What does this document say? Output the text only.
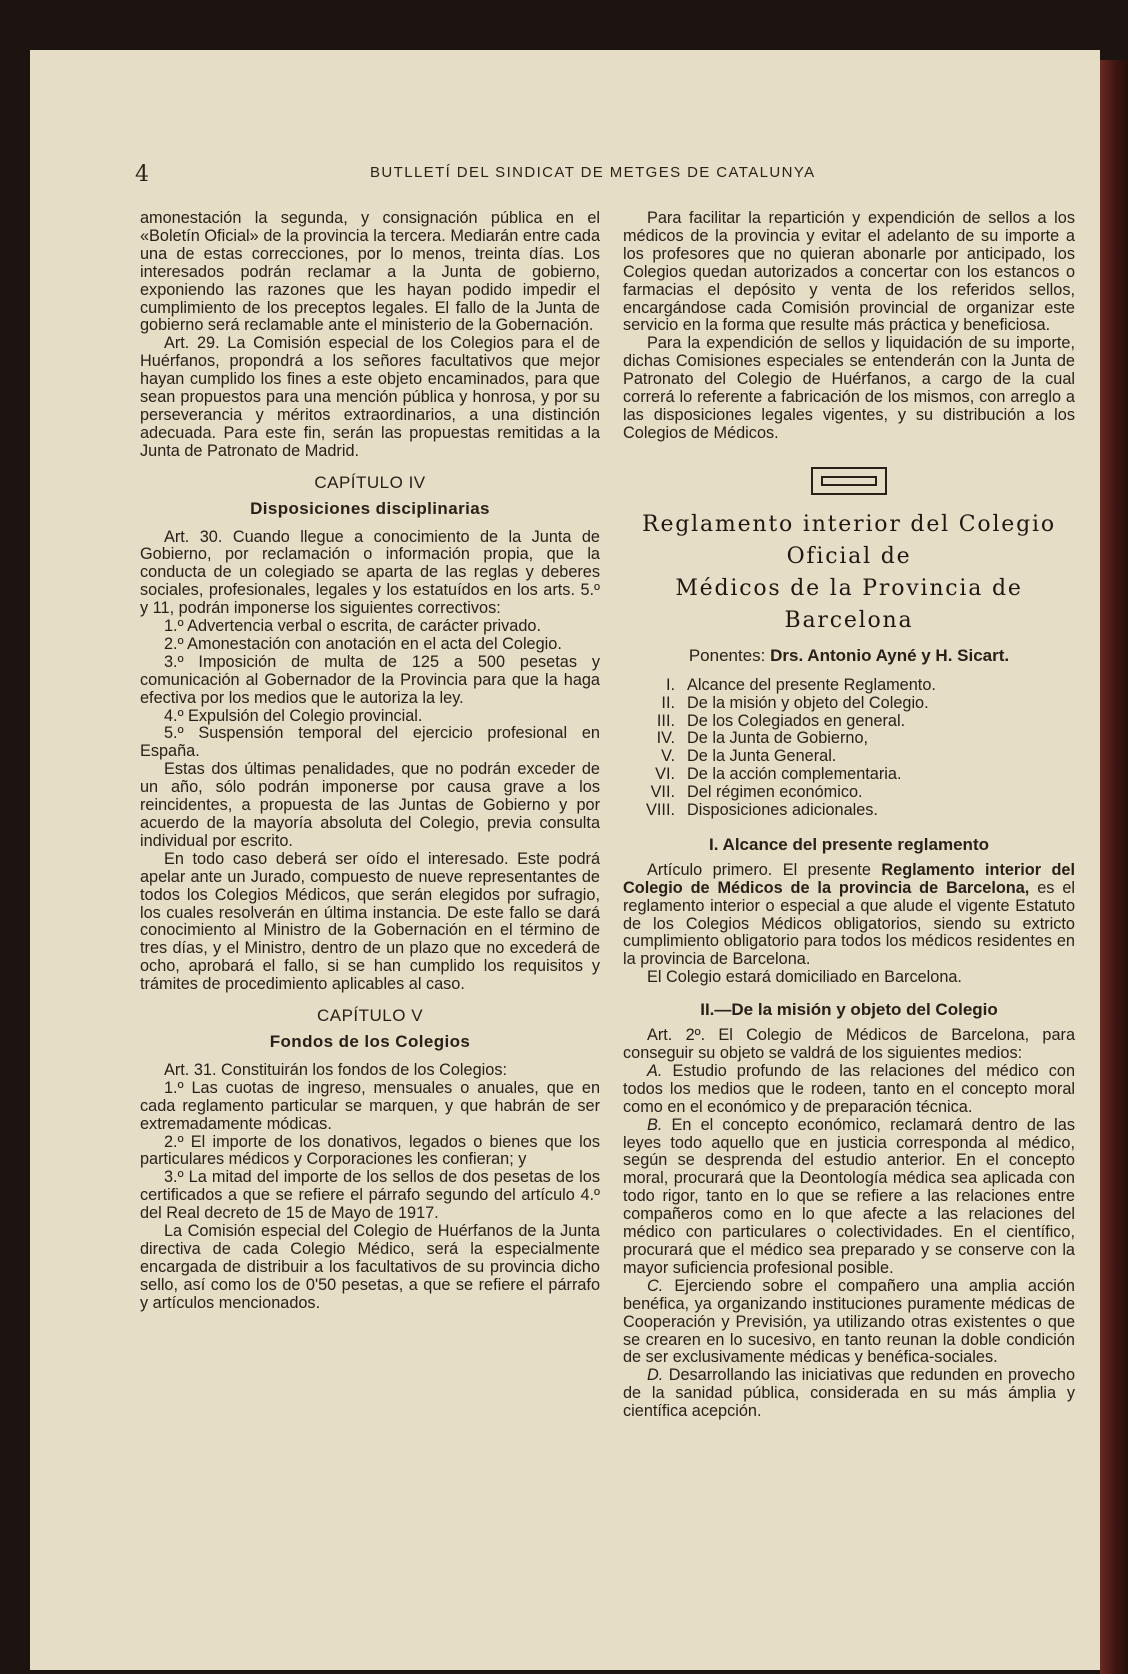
4	BUTLLETÍ DEL SINDICAT DE METGES DE CATALUNYA

amonestación la segunda, y consignación pública en el «Boletín Oficial» de la provincia la tercera. Mediarán entre cada una de estas correcciones, por lo menos, treinta días. Los interesados podrán reclamar a la Junta de gobierno, exponiendo las razones que les hayan podido impedir el cumplimiento de los preceptos legales. El fallo de la Junta de gobierno será reclamable ante el ministerio de la Gobernación.

Art. 29. La Comisión especial de los Colegios para el de Huérfanos, propondrá a los señores facultativos que mejor hayan cumplido los fines a este objeto encaminados, para que sean propuestos para una mención pública y honrosa, y por su perseverancia y méritos extraordinarios, a una distinción adecuada. Para este fin, serán las propuestas remitidas a la Junta de Patronato de Madrid.

CAPÍTULO IV

Disposiciones disciplinarias

Art. 30. Cuando llegue a conocimiento de la Junta de Gobierno, por reclamación o información propia, que la conducta de un colegiado se aparta de las reglas y deberes sociales, profesionales, legales y los estatuídos en los arts. 5.º y 11, podrán imponerse los siguientes correctivos:

1.º Advertencia verbal o escrita, de carácter privado.

2.º Amonestación con anotación en el acta del Colegio.

3.º Imposición de multa de 125 a 500 pesetas y comunicación al Gobernador de la Provincia para que la haga efectiva por los medios que le autoriza la ley.

4.º Expulsión del Colegio provincial.

5.º Suspensión temporal del ejercicio profesional en España.

Estas dos últimas penalidades, que no podrán exceder de un año, sólo podrán imponerse por causa grave a los reincidentes, a propuesta de las Juntas de Gobierno y por acuerdo de la mayoría absoluta del Colegio, previa consulta individual por escrito.

En todo caso deberá ser oído el interesado. Este podrá apelar ante un Jurado, compuesto de nueve representantes de todos los Colegios Médicos, que serán elegidos por sufragio, los cuales resolverán en última instancia. De este fallo se dará conocimiento al Ministro de la Gobernación en el término de tres días, y el Ministro, dentro de un plazo que no excederá de ocho, aprobará el fallo, si se han cumplido los requisitos y trámites de procedimiento aplicables al caso.

CAPÍTULO V

Fondos de los Colegios

Art. 31. Constituirán los fondos de los Colegios:

1.º Las cuotas de ingreso, mensuales o anuales, que en cada reglamento particular se marquen, y que habrán de ser extremadamente módicas.

2.º El importe de los donativos, legados o bienes que los particulares médicos y Corporaciones les confieran; y

3.º La mitad del importe de los sellos de dos pesetas de los certificados a que se refiere el párrafo segundo del artículo 4.º del Real decreto de 15 de Mayo de 1917.

La Comisión especial del Colegio de Huérfanos de la Junta directiva de cada Colegio Médico, será la especialmente encargada de distribuir a los facultativos de su provincia dicho sello, así como los de 0'50 pesetas, a que se refiere el párrafo y artículos mencionados.

Para facilitar la repartición y expendición de sellos a los médicos de la provincia y evitar el adelanto de su importe a los profesores que no quieran abonarle por anticipado, los Colegios quedan autorizados a concertar con los estancos o farmacias el depósito y venta de los referidos sellos, encargándose cada Comisión provincial de organizar este servicio en la forma que resulte más práctica y beneficiosa.

Para la expendición de sellos y liquidación de su importe, dichas Comisiones especiales se entenderán con la Junta de Patronato del Colegio de Huérfanos, a cargo de la cual correrá lo referente a fabricación de los mismos, con arreglo a las disposiciones legales vigentes, y su distribución a los Colegios de Médicos.

Reglamento interior del Colegio Oficial de

Médicos de la Provincia de Barcelona

Ponentes: Drs. Antonio Ayné y H. Sicart.

I. Alcance del presente Reglamento.
II. De la misión y objeto del Colegio.
III. De los Colegiados en general.
IV. De la Junta de Gobierno,
V. De la Junta General.
VI. De la acción complementaria.
VII. Del régimen económico.
VIII. Disposiciones adicionales.

I. Alcance del presente reglamento

Artículo primero. El presente Reglamento interior del Colegio de Médicos de la provincia de Barcelona, es el reglamento interior o especial a que alude el vigente Estatuto de los Colegios Médicos obligatorios, siendo su extricto cumplimiento obligatorio para todos los médicos residentes en la provincia de Barcelona.

El Colegio estará domiciliado en Barcelona.

II.—De la misión y objeto del Colegio

Art. 2º. El Colegio de Médicos de Barcelona, para conseguir su objeto se valdrá de los siguientes medios:

A. Estudio profundo de las relaciones del médico con todos los medios que le rodeen, tanto en el concepto moral como en el económico y de preparación técnica.

B. En el concepto económico, reclamará dentro de las leyes todo aquello que en justicia corresponda al médico, según se desprenda del estudio anterior. En el concepto moral, procurará que la Deontología médica sea aplicada con todo rigor, tanto en lo que se refiere a las relaciones entre compañeros como en lo que afecte a las relaciones del médico con particulares o colectividades. En el científico, procurará que el médico sea preparado y se conserve con la mayor suficiencia profesional posible.

C. Ejerciendo sobre el compañero una amplia acción benéfica, ya organizando instituciones puramente médicas de Cooperación y Previsión, ya utilizando otras existentes o que se crearen en lo sucesivo, en tanto reunan la doble condición de ser exclusivamente médicas y benéfica-sociales.

D. Desarrollando las iniciativas que redunden en provecho de la sanidad pública, considerada en su más ámplia y científica acepción.
